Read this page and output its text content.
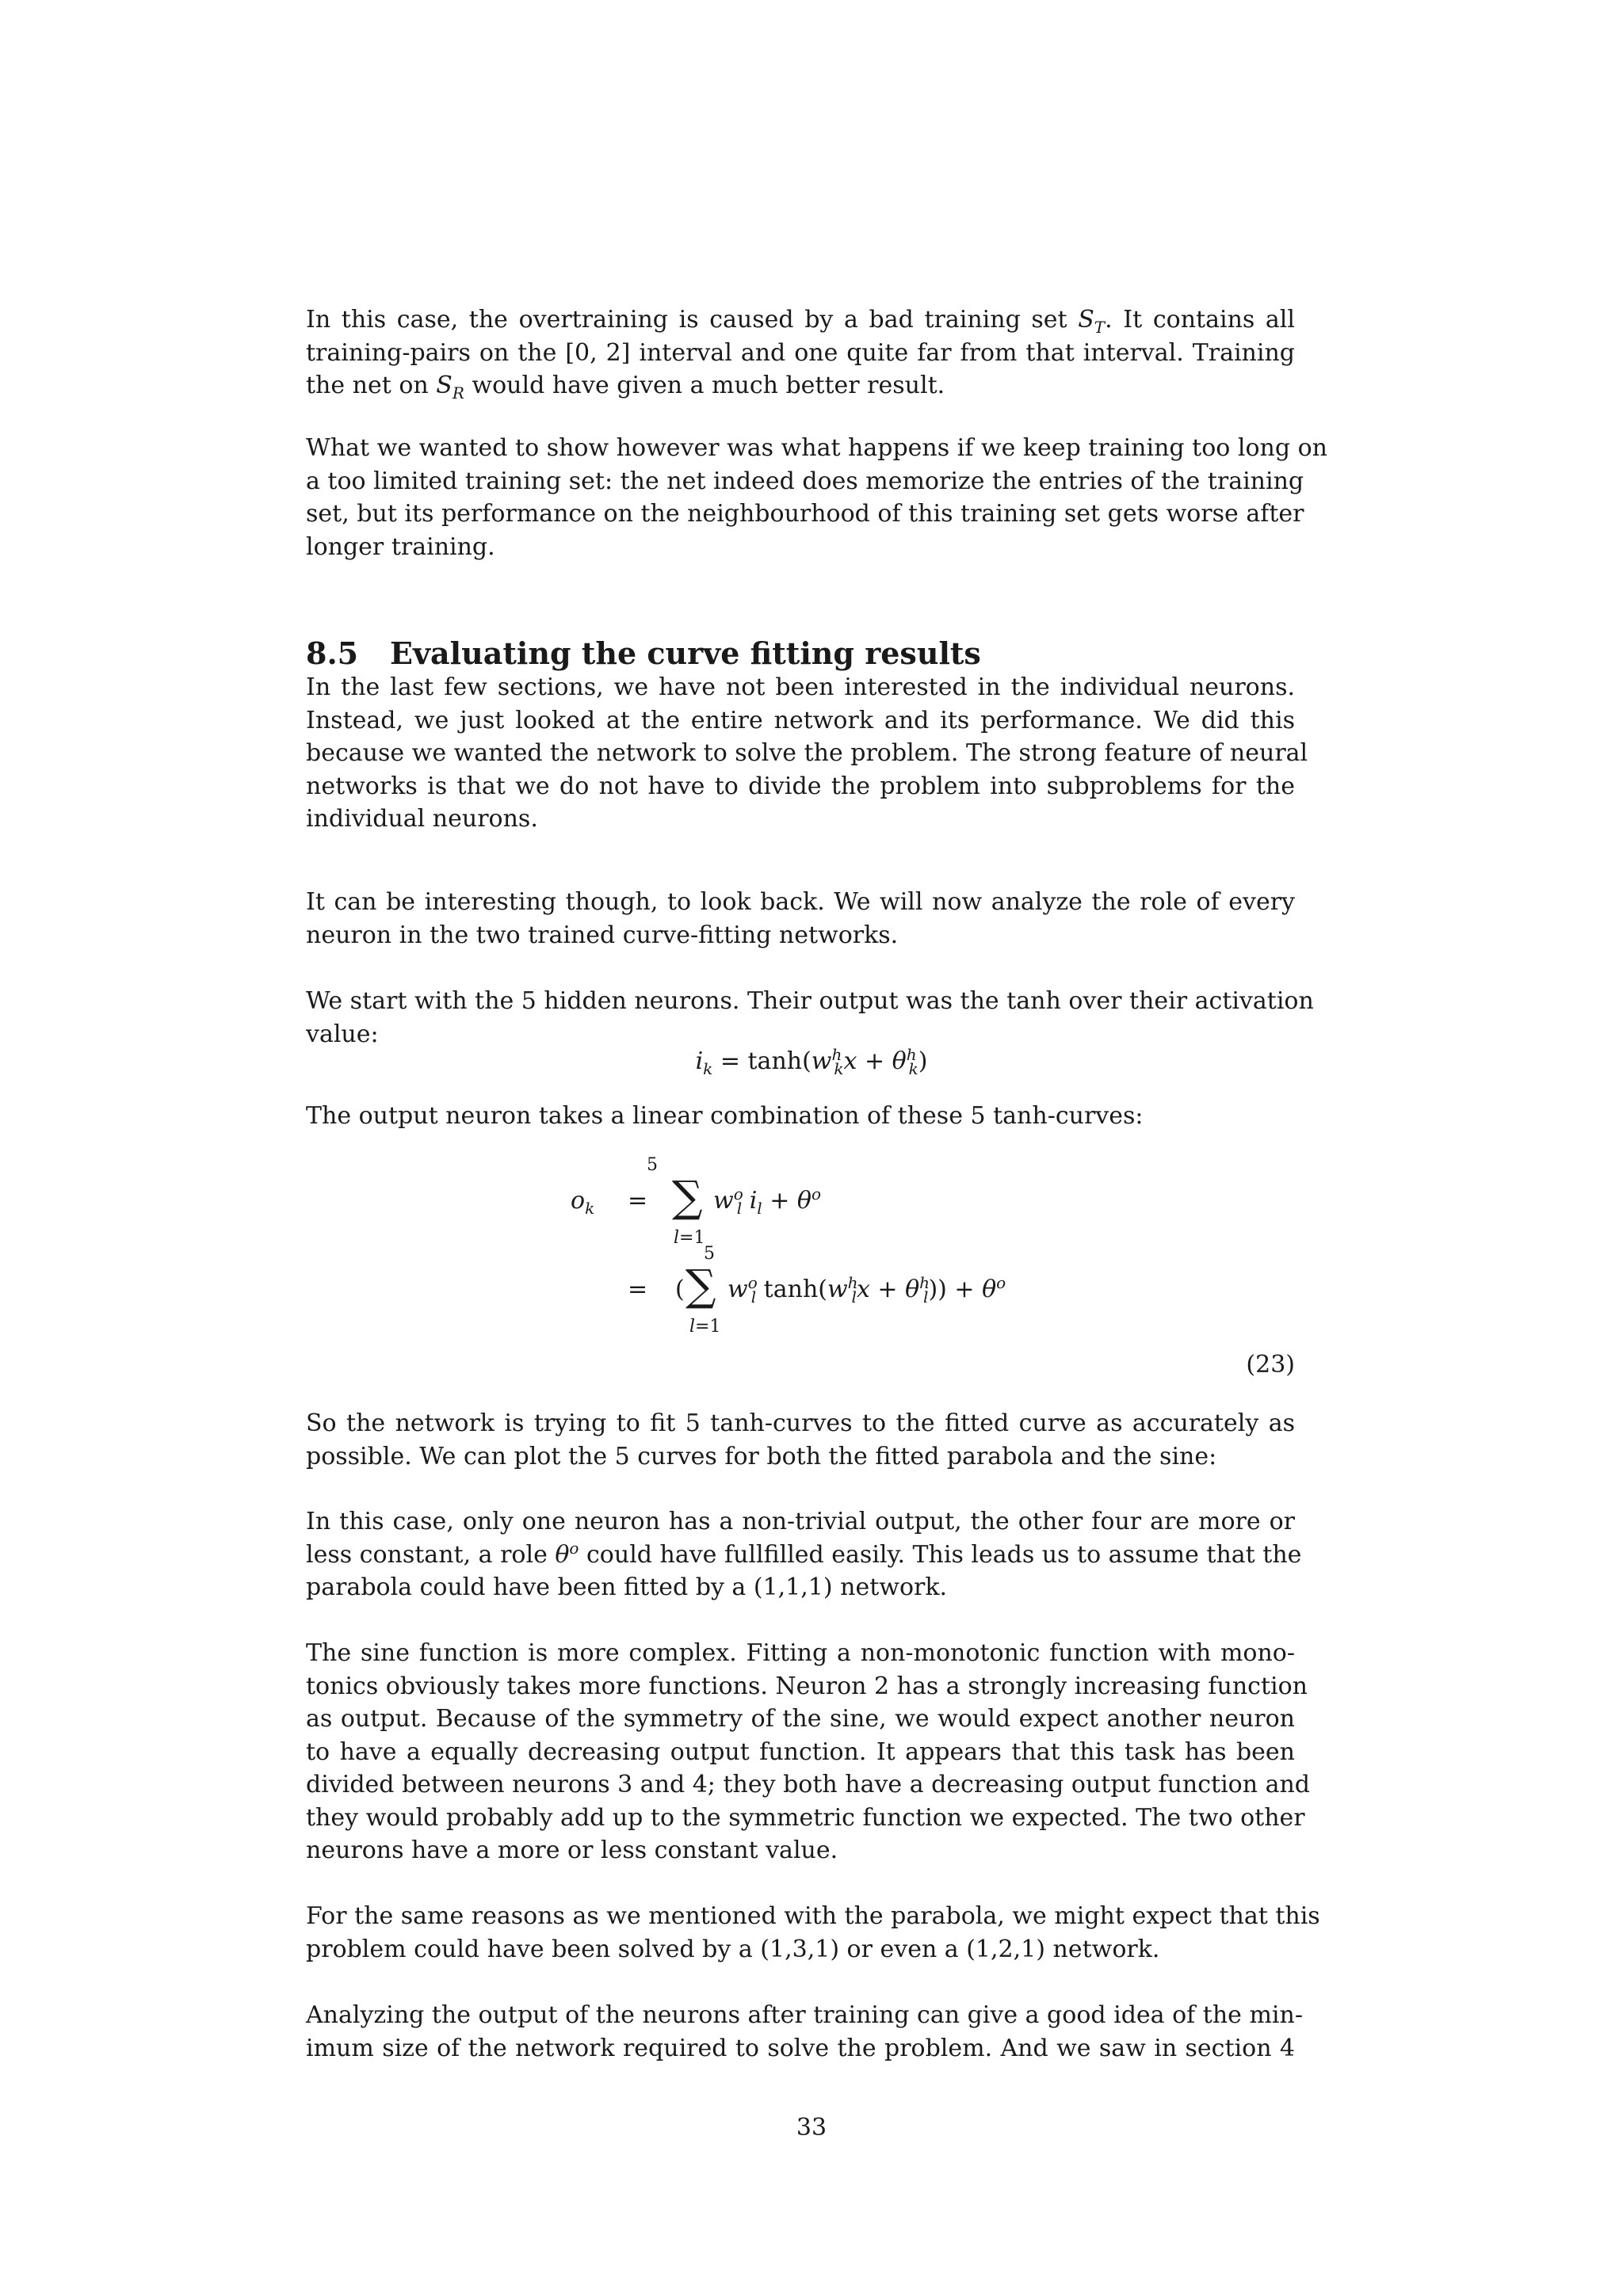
In this case, the overtraining is caused by a bad training set $S_T$. It contains all
training-pairs on the [0, 2] interval and one quite far from that interval. Training
the net on $S_R$ would have given a much better result.
What we wanted to show however was what happens if we keep training too long on
a too limited training set: the net indeed does memorize the entries of the training
set, but its performance on the neighbourhood of this training set gets worse after
longer training.
8.5 Evaluating the curve fitting results
In the last few sections, we have not been interested in the individual neurons.
Instead, we just looked at the entire network and its performance. We did this
because we wanted the network to solve the problem. The strong feature of neural
networks is that we do not have to divide the problem into subproblems for the
individual neurons.
It can be interesting though, to look back. We will now analyze the role of every
neuron in the two trained curve-fitting networks.
We start with the 5 hidden neurons. Their output was the tanh over their activation
value:
$i_k = \tanh(w^h_kx + \theta^h_k)$
The output neuron takes a linear combination of these 5 tanh-curves:
$o_k$ =
5
∑
l=1
$w^o_l$ $i_l + \theta^o$
=
5
( ∑
l=1
$w^o_l$ $\tanh(w^h_lx + \theta^h_l)) + \theta^o$
(23)
So the network is trying to fit 5 tanh-curves to the fitted curve as accurately as
possible. We can plot the 5 curves for both the fitted parabola and the sine:
In this case, only one neuron has a non-trivial output, the other four are more or
less constant, a role $\theta^o$ could have fullfilled easily. This leads us to assume that the
parabola could have been fitted by a (1,1,1) network.
The sine function is more complex. Fitting a non-monotonic function with mono-
tonics obviously takes more functions. Neuron 2 has a strongly increasing function
as output. Because of the symmetry of the sine, we would expect another neuron
to have a equally decreasing output function. It appears that this task has been
divided between neurons 3 and 4; they both have a decreasing output function and
they would probably add up to the symmetric function we expected. The two other
neurons have a more or less constant value.
For the same reasons as we mentioned with the parabola, we might expect that this
problem could have been solved by a (1,3,1) or even a (1,2,1) network.
Analyzing the output of the neurons after training can give a good idea of the min-
imum size of the network required to solve the problem. And we saw in section 4
33
